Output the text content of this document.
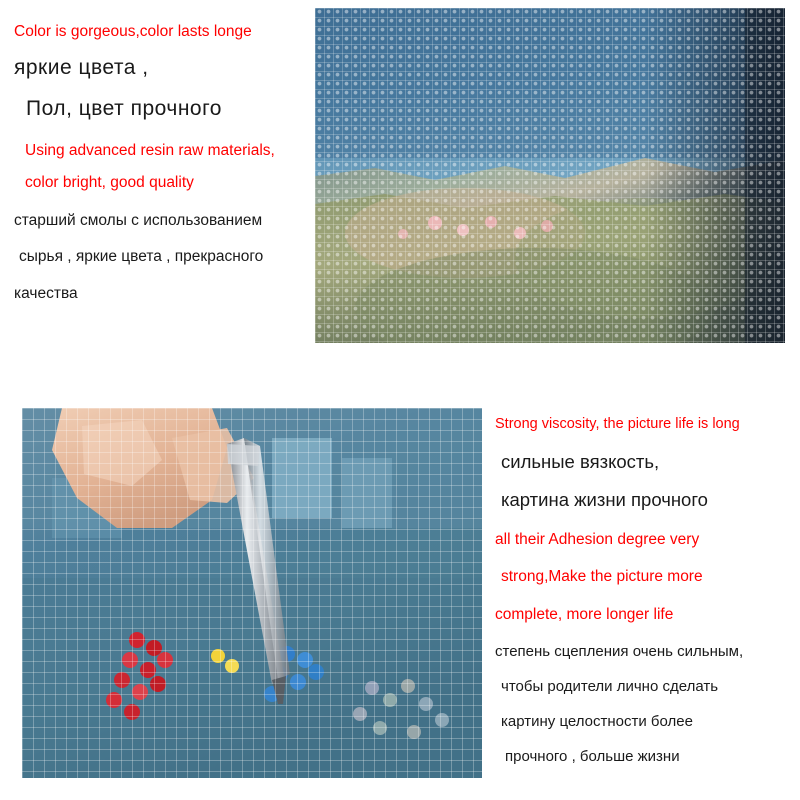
Color is gorgeous,color lasts longe
яркие цвета ,
Пол, цвет прочного
Using advanced resin raw materials,
color bright, good quality
старший смолы с использованием
сырья , яркие цвета , прекрасного
качества
Strong viscosity, the picture life is long
сильные вязкость,
картина жизни прочного
all their Adhesion degree very
strong,Make the picture more
complete, more longer life
степень сцепления очень сильным,
чтобы родители лично сделать
картину целостности более
прочного , больше жизни
